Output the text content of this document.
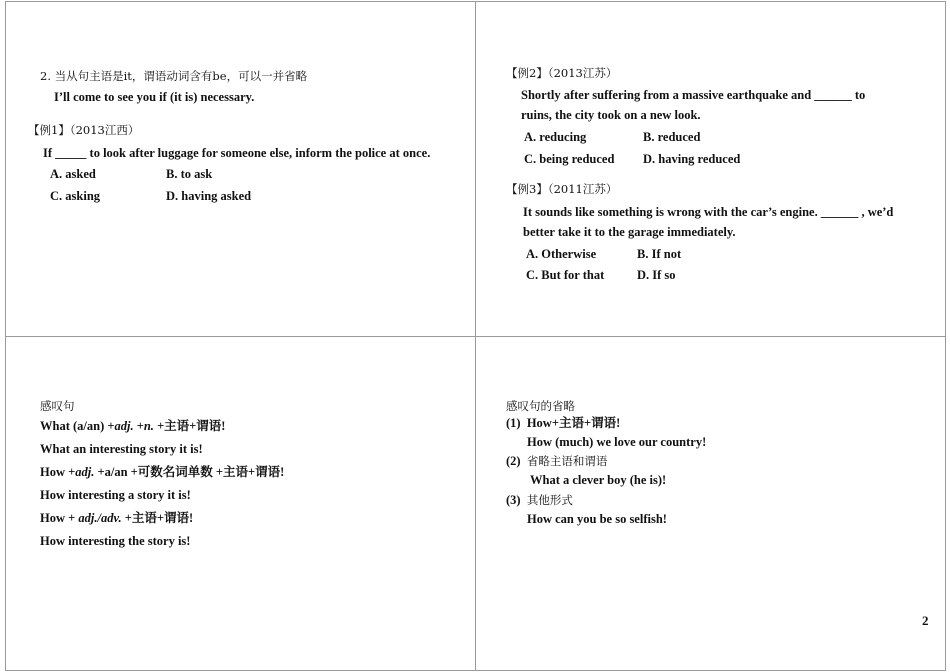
2. 当从句主语是it，谓语动词含有be，可以一并省略
I’ll come to see you if (it is) necessary.
【例1】（2013江西）
If _____ to look after luggage for someone else, inform the police at once.
A. asked	B. to ask
C. asking	D. having asked
【例2】（2013江苏）
Shortly after suffering from a massive earthquake and ______ to
ruins, the city took on a new look.
A. reducing	B. reduced
C. being reduced D. having reduced
【例3】（2011江苏）
It sounds like something is wrong with the car’s engine. ______ , we’d
better take it to the garage immediately.
A. Otherwise	B. If not
C. But for that	D. If so
感叹句
What (a/an) +adj. +n. +主语+谓语!
What an interesting story it is!
How +adj. +a/an +可数名词单数 +主语+谓语!
How interesting a story it is!
How + adj./adv. +主语+谓语!
How interesting the story is!
感叹句的省略
(1) How+主语+谓语!
How (much) we love our country!
(2) 省略主语和谓语
What a clever boy (he is)!
(3) 其他形式
How can you be so selfish!
2
